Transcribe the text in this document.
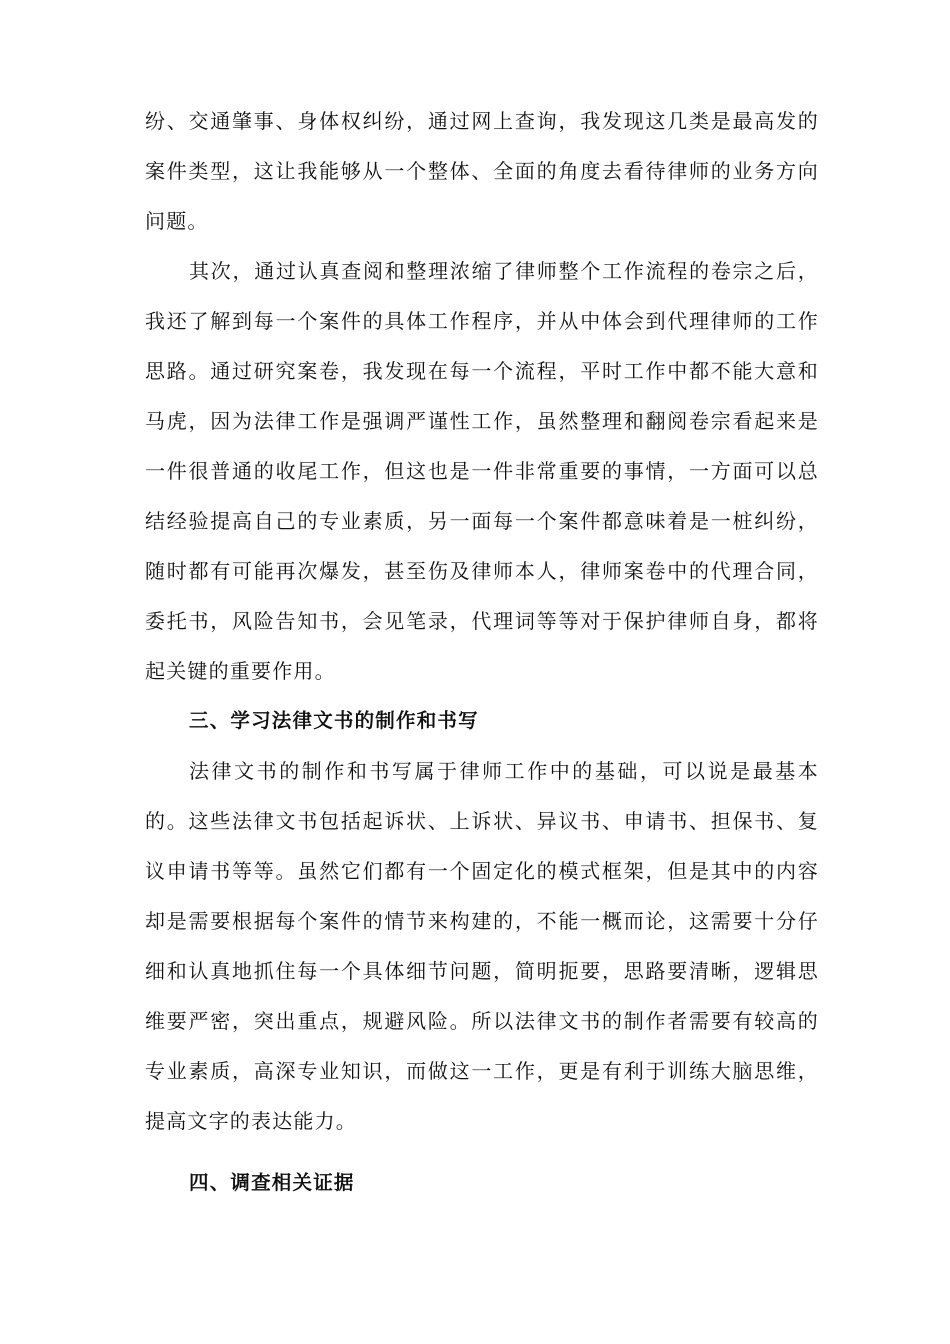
纷、交通肇事、身体权纠纷，通过网上查询，我发现这几类是最高发的案件类型，这让我能够从一个整体、全面的角度去看待律师的业务方向问题。

其次，通过认真查阅和整理浓缩了律师整个工作流程的卷宗之后，我还了解到每一个案件的具体工作程序，并从中体会到代理律师的工作思路。通过研究案卷，我发现在每一个流程，平时工作中都不能大意和马虎，因为法律工作是强调严谨性工作，虽然整理和翻阅卷宗看起来是一件很普通的收尾工作，但这也是一件非常重要的事情，一方面可以总结经验提高自己的专业素质，另一面每一个案件都意味着是一桩纠纷，随时都有可能再次爆发，甚至伤及律师本人，律师案卷中的代理合同，委托书，风险告知书，会见笔录，代理词等等对于保护律师自身，都将起关键的重要作用。

三、学习法律文书的制作和书写

法律文书的制作和书写属于律师工作中的基础，可以说是最基本的。这些法律文书包括起诉状、上诉状、异议书、申请书、担保书、复议申请书等等。虽然它们都有一个固定化的模式框架，但是其中的内容却是需要根据每个案件的情节来构建的，不能一概而论，这需要十分仔细和认真地抓住每一个具体细节问题，简明扼要，思路要清晰，逻辑思维要严密，突出重点，规避风险。所以法律文书的制作者需要有较高的专业素质，高深专业知识，而做这一工作，更是有利于训练大脑思维，提高文字的表达能力。

四、调查相关证据
